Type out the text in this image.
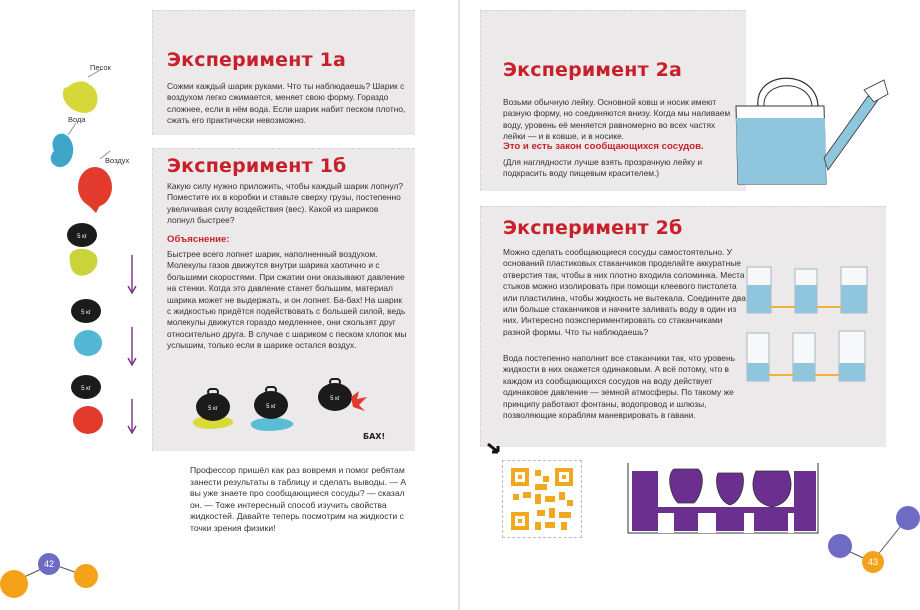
Песок
Вода
Воздух
5 кг
5 кг
5 кг
Эксперимент 1а
Сожми каждый шарик руками. Что ты наблюдаешь? Шарик с воздухом легко сжимается, меняет свою форму. Гораздо сложнее, если в нём вода. Если шарик набит песком плотно, сжать его практически невозможно.
Эксперимент 1б
Какую силу нужно приложить, чтобы каждый шарик лопнул? Поместите их в коробки и ставьте сверху грузы, постепенно увеличивая силу воздействия (вес). Какой из шариков лопнул быстрее?
Объяснение:
Быстрее всего лопнет шарик, наполненный воздухом. Молекулы газов движутся внутри шарика хаотично и с большими скоростями. При сжатии они оказывают давление на стенки. Когда это давление станет большим, материал шарика может не выдержать, и он лопнет. Ба-бах! На шарик с жидкостью придётся подействовать с большей силой, ведь молекулы движутся гораздо медленнее, они скользят друг относительно друга. В случае с шариком с песком хлопок мы услышим, только если в шарике остался воздух.
5 кг	5 кг
5 кг
БАХ!
Профессор пришёл как раз вовремя и помог ребятам занести результаты в таблицу и сделать выводы. — А вы уже знаете про сообщающиеся сосуды? — сказал он. — Тоже интересный способ изучить свойства жидкостей. Давайте теперь посмотрим на жидкости с точки зрения физики!
42
Эксперимент 2а
Возьми обычную лейку. Основной ковш и носик имеют разную форму, но соединяются внизу. Когда мы наливаем воду, уровень её меняется равномерно во всех частях лейки — и в ковше, и в носике.
Это и есть закон сообщающихся сосудов.
(Для наглядности лучше взять прозрачную лейку и подкрасить воду пищевым красителем.)
Эксперимент 2б
Можно сделать сообщающиеся сосуды самостоятельно. У оснований пластиковых стаканчиков проделайте аккуратные отверстия так, чтобы в них плотно входила соломинка. Места стыков можно изолировать при помощи клеевого пистолета или пластилина, чтобы жидкость не вытекала. Соедините два или больше стаканчиков и начните заливать воду в один из них. Интересно поэкспериментировать со стаканчиками разной формы. Что ты наблюдаешь?
Вода постепенно наполнит все стаканчики так, что уровень жидкости в них окажется одинаковым. А всё потому, что в каждом из сообщающихся сосудов на воду действует одинаковое давление — земной атмосферы. По такому же принципу работают фонтаны, водопровод и шлюзы, позволяющие кораблям маневрировать в гавани.
43
